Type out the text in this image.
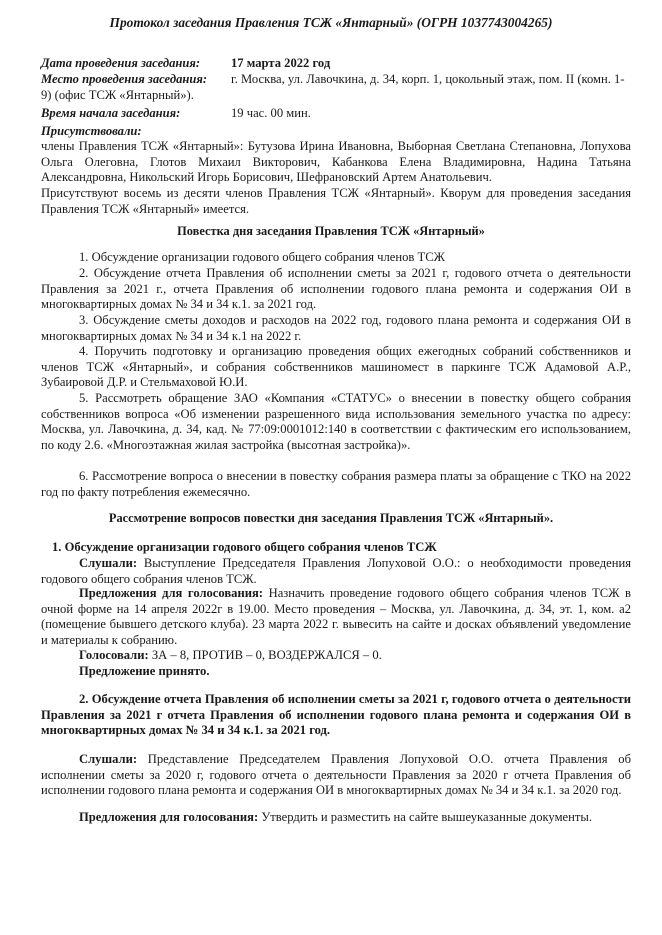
Протокол заседания Правления ТСЖ «Янтарный» (ОГРН 1037743004265)
Дата проведения заседания: 17 марта 2022 год
Место проведения заседания: г. Москва, ул. Лавочкина, д. 34, корп. 1, цокольный этаж, пом. II (комн. 1-
9) (офис ТСЖ «Янтарный»).
Время начала заседания:	19 час. 00 мин.
Присутствовали:
члены Правления ТСЖ «Янтарный»: Бутузова Ирина Ивановна, Выборная Светлана Степановна, Лопухова Ольга Олеговна, Глотов Михаил Викторович, Кабанкова Елена Владимировна, Надина Татьяна Александровна, Никольский Игорь Борисович, Шефрановский Артем Анатольевич.
Присутствуют восемь из десяти членов Правления ТСЖ «Янтарный». Кворум для проведения заседания Правления ТСЖ «Янтарный» имеется.
Повестка дня заседания Правления ТСЖ «Янтарный»
1. Обсуждение организации годового общего собрания членов ТСЖ
2. Обсуждение отчета Правления об исполнении сметы за 2021 г, годового отчета о деятельности Правления за 2021 г., отчета Правления об исполнении годового плана ремонта и содержания ОИ в многоквартирных домах № 34 и 34 к.1. за 2021 год.
3. Обсуждение сметы доходов и расходов на 2022 год, годового плана ремонта и содержания ОИ в многоквартирных домах № 34 и 34 к.1 на 2022 г.
4. Поручить подготовку и организацию проведения общих ежегодных собраний собственников и членов ТСЖ «Янтарный», и собрания собственников машиномест в паркинге ТСЖ Адамовой А.Р., Зубаировой Д.Р. и Стельмаховой Ю.И.
5. Рассмотреть обращение ЗАО «Компания «СТАТУС» о внесении в повестку общего собрания собственников вопроса «Об изменении разрешенного вида использования земельного участка по адресу: Москва, ул. Лавочкина, д. 34, кад. № 77:09:0001012:140 в соответствии с фактическим его использованием, по коду 2.6. «Многоэтажная жилая застройка (высотная застройка)».
6. Рассмотрение вопроса о внесении в повестку собрания размера платы за обращение с ТКО на 2022 год по факту потребления ежемесячно.
Рассмотрение вопросов повестки дня заседания Правления ТСЖ «Янтарный».
1. Обсуждение организации годового общего собрания членов ТСЖ
Слушали: Выступление Председателя Правления Лопуховой О.О.: о необходимости проведения годового общего собрания членов ТСЖ.
Предложения для голосования: Назначить проведение годового общего собрания членов ТСЖ в очной форме на 14 апреля 2022г в 19.00. Место проведения – Москва, ул. Лавочкина, д. 34, эт. 1, ком. а2 (помещение бывшего детского клуба). 23 марта 2022 г. вывесить на сайте и досках объявлений уведомление и материалы к собранию.
Голосовали: ЗА – 8, ПРОТИВ – 0, ВОЗДЕРЖАЛСЯ – 0.
Предложение принято.
2. Обсуждение отчета Правления об исполнении сметы за 2021 г, годового отчета о деятельности Правления за 2021 г отчета Правления об исполнении годового плана ремонта и содержания ОИ в многоквартирных домах № 34 и 34 к.1. за 2021 год.
Слушали: Представление Председателем Правления Лопуховой О.О. отчета Правления об исполнении сметы за 2020 г, годового отчета о деятельности Правления за 2020 г отчета Правления об исполнении годового плана ремонта и содержания ОИ в многоквартирных домах № 34 и 34 к.1. за 2020 год.
Предложения для голосования: Утвердить и разместить на сайте вышеуказанные документы.
